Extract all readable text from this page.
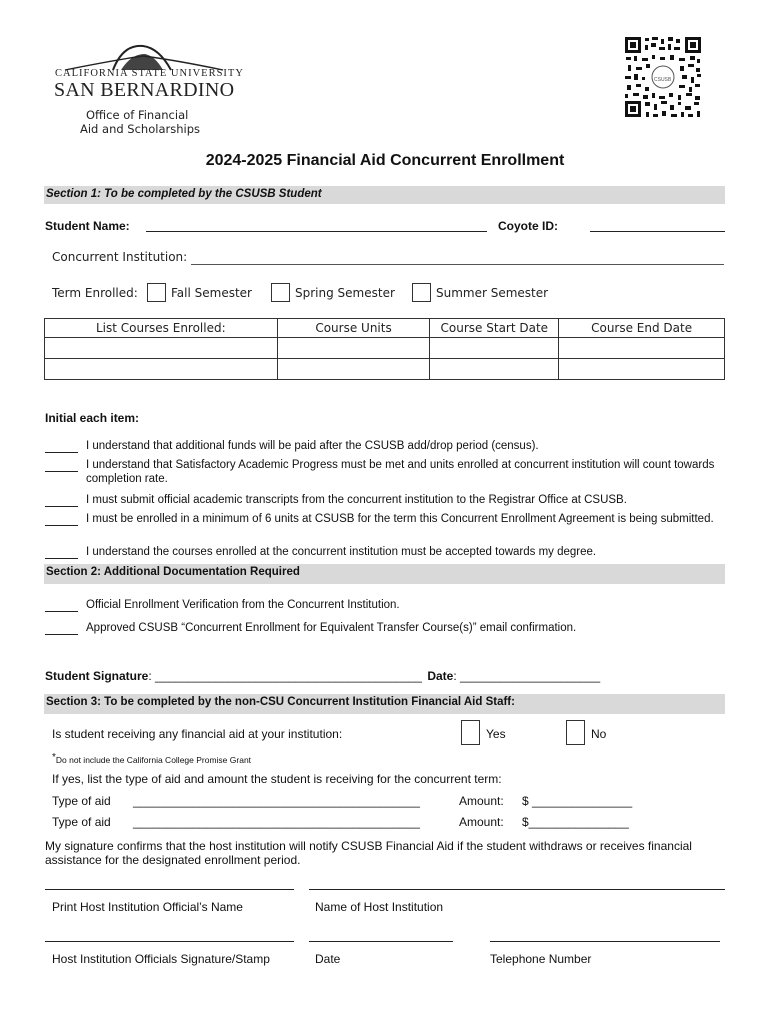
CALIFORNIA STATE UNIVERSITY
SAN BERNARDINO
Office of Financial
Aid and Scholarships
CSUSB
2024-2025 Financial Aid Concurrent Enrollment
Section 1: To be completed by the CSUSB Student
Student Name:	Coyote ID:
Concurrent Institution:
Term Enrolled:	Fall Semester	Spring Semester	Summer Semester
List Courses Enrolled:	Course Units	Course Start Date	Course End Date

Initial each item:
I understand that additional funds will be paid after the CSUSB add/drop period (census).
I understand that Satisfactory Academic Progress must be met and units enrolled at concurrent institution will count towards completion rate.
I must submit official academic transcripts from the concurrent institution to the Registrar Office at CSUSB.
I must be enrolled in a minimum of 6 units at CSUSB for the term this Concurrent Enrollment Agreement is being submitted.
I understand the courses enrolled at the concurrent institution must be accepted towards my degree.
Section 2: Additional Documentation Required
Official Enrollment Verification from the Concurrent Institution.
Approved CSUSB “Concurrent Enrollment for Equivalent Transfer Course(s)” email confirmation.
Student Signature: ________________________________________ Date: _____________________
Section 3: To be completed by the non-CSU Concurrent Institution Financial Aid Staff:
Is student receiving any financial aid at your institution:	Yes	No
*Do not include the California College Promise Grant
If yes, list the type of aid and amount the student is receiving for the concurrent term:
Type of aid ___________________________________________	Amount: $ _______________
Type of aid ___________________________________________	Amount: $_______________
My signature confirms that the host institution will notify CSUSB Financial Aid if the student withdraws or receives financial assistance for the designated enrollment period.
Print Host Institution Official’s Name	Name of Host Institution
Host Institution Officials Signature/Stamp	Date	Telephone Number
